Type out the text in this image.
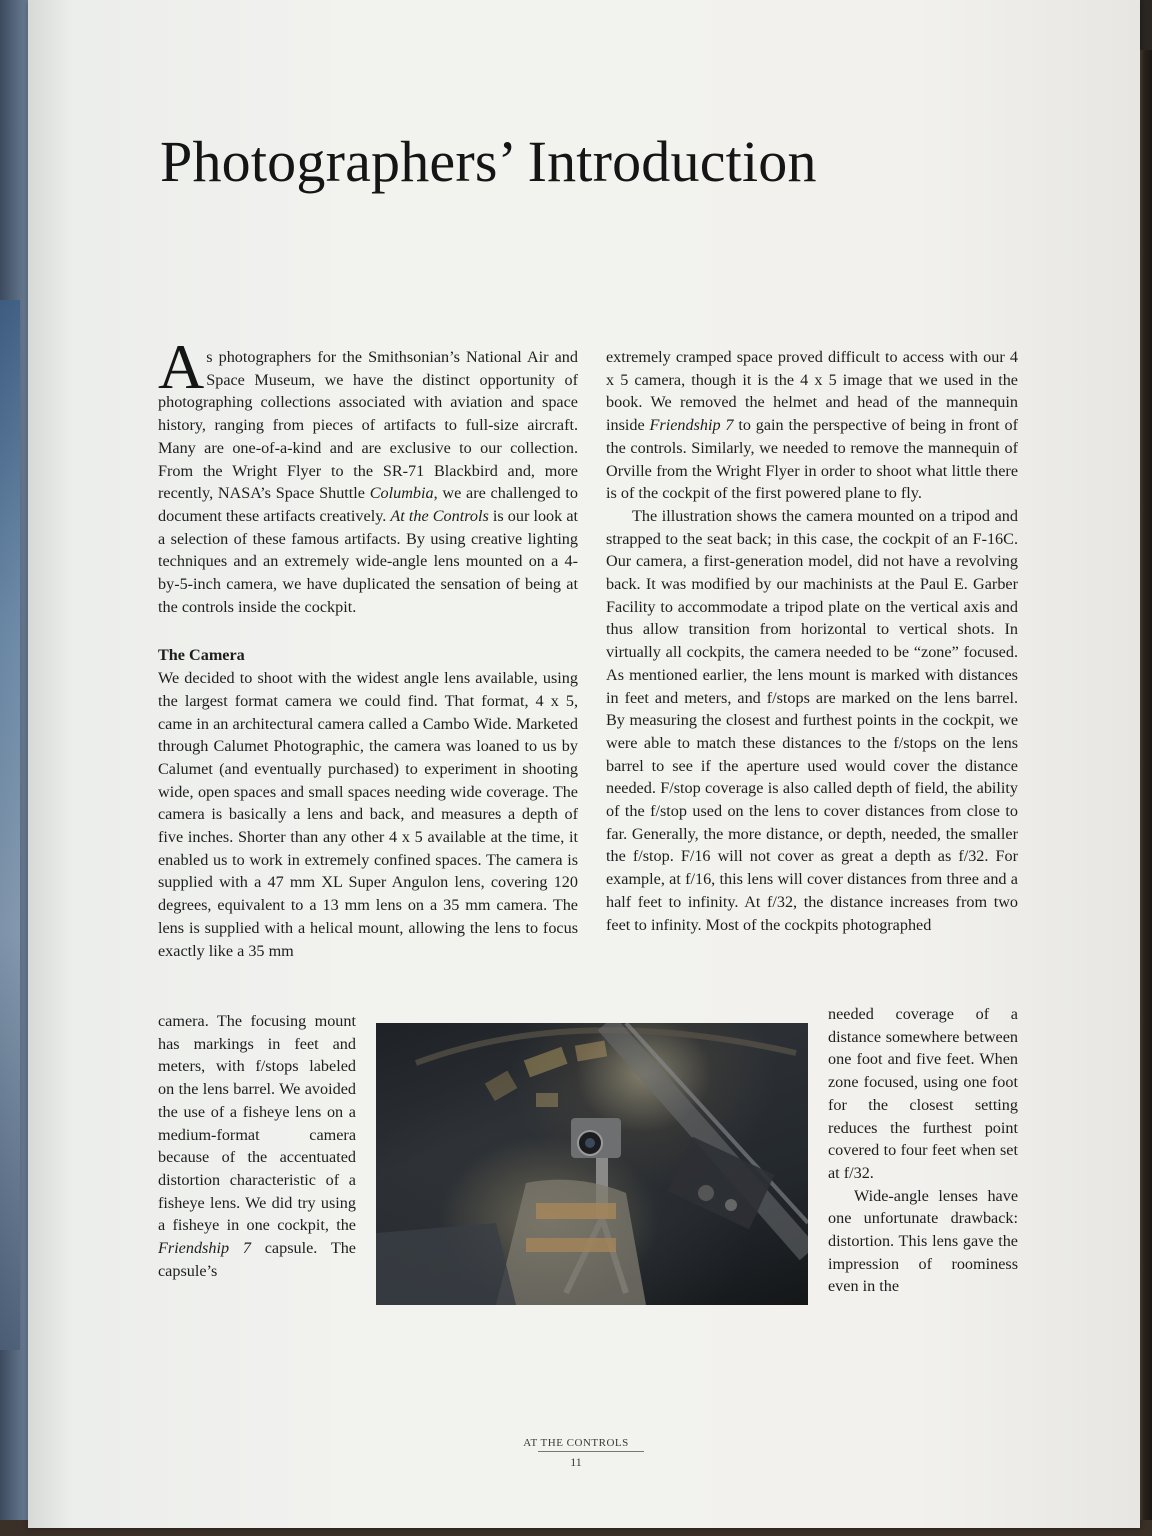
Photographers’ Introduction

As photographers for the Smithsonian’s National Air and Space Museum, we have the distinct opportunity of photographing collections associated with aviation and space history, ranging from pieces of artifacts to full-size aircraft. Many are one-of-a-kind and are exclusive to our collection. From the Wright Flyer to the SR-71 Blackbird and, more recently, NASA’s Space Shuttle Columbia, we are challenged to document these artifacts creatively. At the Controls is our look at a selection of these famous artifacts. By using creative lighting techniques and an extremely wide-angle lens mounted on a 4-by-5-inch camera, we have duplicated the sensation of being at the controls inside the cockpit.

The Camera

We decided to shoot with the widest angle lens available, using the largest format camera we could find. That format, 4 x 5, came in an architectural camera called a Cambo Wide. Marketed through Calumet Photographic, the camera was loaned to us by Calumet (and eventually purchased) to experiment in shooting wide, open spaces and small spaces needing wide coverage. The camera is basically a lens and back, and measures a depth of five inches. Shorter than any other 4 x 5 available at the time, it enabled us to work in extremely confined spaces. The camera is supplied with a 47 mm XL Super Angulon lens, covering 120 degrees, equivalent to a 13 mm lens on a 35 mm camera. The lens is supplied with a helical mount, allowing the lens to focus exactly like a 35 mm

camera. The focusing mount has markings in feet and meters, with f/stops labeled on the lens barrel. We avoided the use of a fisheye lens on a medium-format camera because of the accentuated distortion characteristic of a fisheye lens. We did try using a fisheye in one cockpit, the Friendship 7 capsule. The capsule’s

extremely cramped space proved difficult to access with our 4 x 5 camera, though it is the 4 x 5 image that we used in the book. We removed the helmet and head of the mannequin inside Friendship 7 to gain the perspective of being in front of the controls. Similarly, we needed to remove the mannequin of Orville from the Wright Flyer in order to shoot what little there is of the cockpit of the first powered plane to fly.

The illustration shows the camera mounted on a tripod and strapped to the seat back; in this case, the cockpit of an F-16C. Our camera, a first-generation model, did not have a revolving back. It was modified by our machinists at the Paul E. Garber Facility to accommodate a tripod plate on the vertical axis and thus allow transition from horizontal to vertical shots. In virtually all cockpits, the camera needed to be “zone” focused. As mentioned earlier, the lens mount is marked with distances in feet and meters, and f/stops are marked on the lens barrel. By measuring the closest and furthest points in the cockpit, we were able to match these distances to the f/stops on the lens barrel to see if the aperture used would cover the distance needed. F/stop coverage is also called depth of field, the ability of the f/stop used on the lens to cover distances from close to far. Generally, the more distance, or depth, needed, the smaller the f/stop. F/16 will not cover as great a depth as f/32. For example, at f/16, this lens will cover distances from three and a half feet to infinity. At f/32, the distance increases from two feet to infinity. Most of the cockpits photographed

needed coverage of a distance somewhere between one foot and five feet. When zone focused, using one foot for the closest setting reduces the furthest point covered to four feet when set at f/32.

Wide-angle lenses have one unfortunate drawback: distortion. This lens gave the impression of roominess even in the

AT THE CONTROLS
11
